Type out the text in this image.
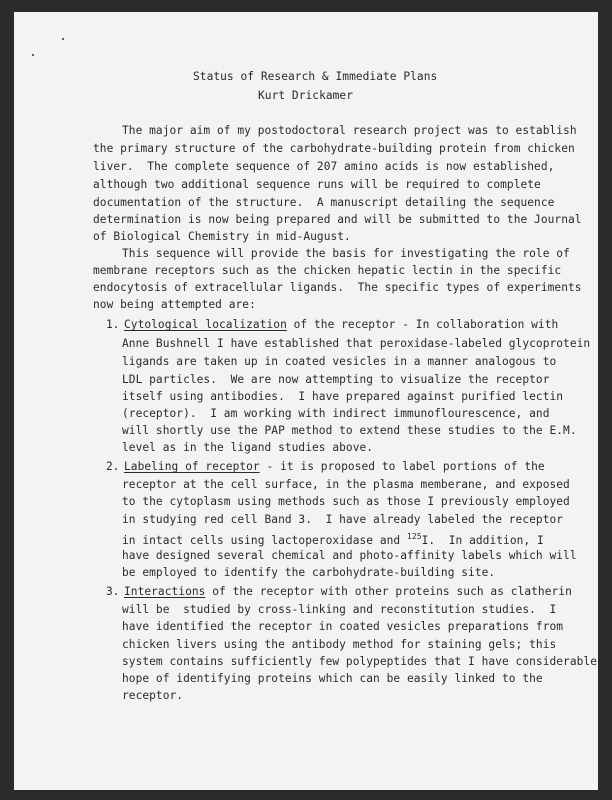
Status of Research & Immediate Plans
Kurt Drickamer
The major aim of my postodoctoral research project was to establish
the primary structure of the carbohydrate-building protein from chicken
liver.  The complete sequence of 207 amino acids is now established,
although two additional sequence runs will be required to complete
documentation of the structure.  A manuscript detailing the sequence
determination is now being prepared and will be submitted to the Journal
of Biological Chemistry in mid-August.
This sequence will provide the basis for investigating the role of
membrane receptors such as the chicken hepatic lectin in the specific
endocytosis of extracellular ligands.  The specific types of experiments
now being attempted are:
1. Cytological localization of the receptor - In collaboration with
Anne Bushnell I have established that peroxidase-labeled glycoprotein
ligands are taken up in coated vesicles in a manner analogous to
LDL particles.  We are now attempting to visualize the receptor
itself using antibodies.  I have prepared against purified lectin
(receptor).  I am working with indirect immunoflourescence, and
will shortly use the PAP method to extend these studies to the E.M.
level as in the ligand studies above.
2. Labeling of receptor - it is proposed to label portions of the
receptor at the cell surface, in the plasma memberane, and exposed
to the cytoplasm using methods such as those I previously employed
in studying red cell Band 3.  I have already labeled the receptor
in intact cells using lactoperoxidase and $^{125}$I.  In addition, I
have designed several chemical and photo-affinity labels which will
be employed to identify the carbohydrate-building site.
3. Interactions of the receptor with other proteins such as clatherin
will be  studied by cross-linking and reconstitution studies.  I
have identified the receptor in coated vesicles preparations from
chicken livers using the antibody method for staining gels; this
system contains sufficiently few polypeptides that I have considerable
hope of identifying proteins which can be easily linked to the
receptor.
